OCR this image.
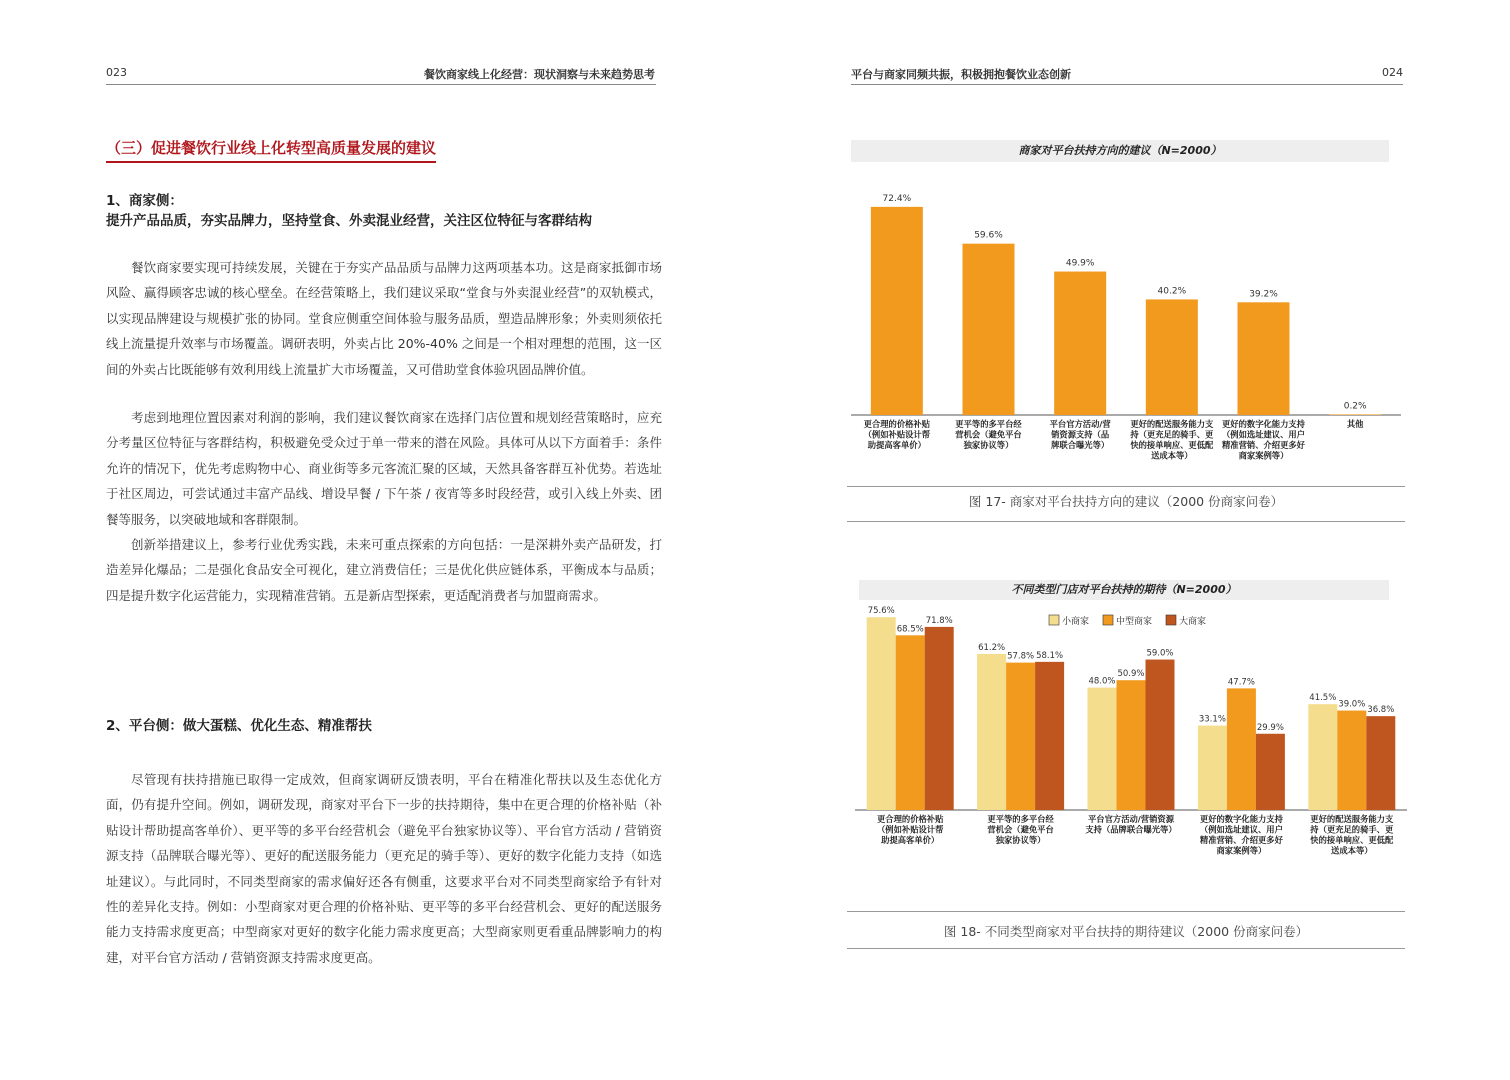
023	餐饮商家线上化经营：现状洞察与未来趋势思考
（三）促进餐饮行业线上化转型高质量发展的建议
1、商家侧：
提升产品品质，夯实品牌力，坚持堂食、外卖混业经营，关注区位特征与客群结构

餐饮商家要实现可持续发展，关键在于夯实产品品质与品牌力这两项基本功。这是商家抵御市场风险、赢得顾客忠诚的核心壁垒。在经营策略上，我们建议采取“堂食与外卖混业经营”的双轨模式，以实现品牌建设与规模扩张的协同。堂食应侧重空间体验与服务品质，塑造品牌形象；外卖则须依托线上流量提升效率与市场覆盖。调研表明，外卖占比 20%-40% 之间是一个相对理想的范围，这一区间的外卖占比既能够有效利用线上流量扩大市场覆盖，又可借助堂食体验巩固品牌价值。

考虑到地理位置因素对利润的影响，我们建议餐饮商家在选择门店位置和规划经营策略时，应充分考量区位特征与客群结构，积极避免受众过于单一带来的潜在风险。具体可从以下方面着手：条件允许的情况下，优先考虑购物中心、商业街等多元客流汇聚的区域，天然具备客群互补优势。若选址于社区周边，可尝试通过丰富产品线、增设早餐 / 下午茶 / 夜宵等多时段经营，或引入线上外卖、团餐等服务，以突破地域和客群限制。

创新举措建议上，参考行业优秀实践，未来可重点探索的方向包括：一是深耕外卖产品研发，打造差异化爆品；二是强化食品安全可视化，建立消费信任；三是优化供应链体系，平衡成本与品质；四是提升数字化运营能力，实现精准营销。五是新店型探索，更适配消费者与加盟商需求。

2、平台侧：做大蛋糕、优化生态、精准帮扶

尽管现有扶持措施已取得一定成效，但商家调研反馈表明，平台在精准化帮扶以及生态优化方面，仍有提升空间。例如，调研发现，商家对平台下一步的扶持期待，集中在更合理的价格补贴（补贴设计帮助提高客单价）、更平等的多平台经营机会（避免平台独家协议等）、平台官方活动 / 营销资源支持（品牌联合曝光等）、更好的配送服务能力（更充足的骑手等）、更好的数字化能力支持（如选址建议）。与此同时，不同类型商家的需求偏好还各有侧重，这要求平台对不同类型商家给予有针对性的差异化支持。例如：小型商家对更合理的价格补贴、更平等的多平台经营机会、更好的配送服务能力支持需求度更高；中型商家对更好的数字化能力需求度更高；大型商家则更看重品牌影响力的构建，对平台官方活动 / 营销资源支持需求度更高。

平台与商家同频共振，积极拥抱餐饮业态创新	024
商家对平台扶持方向的建议（N=2000）
72.4%
更合理的价格补贴
（例如补贴设计帮
助提高客单价）
59.6%
更平等的多平台经
营机会（避免平台
独家协议等）
49.9%
平台官方活动/营
销资源支持（品
牌联合曝光等）
40.2%
更好的配送服务能力支
持（更充足的骑手、更
快的接单响应、更低配
送成本等）
39.2%
更好的数字化能力支持
（例如选址建议、用户
精准营销、介绍更多好
商家案例等）
0.2%
其他
图 17- 商家对平台扶持方向的建议（2000 份商家问卷）
不同类型门店对平台扶持的期待（N=2000）
小商家	中型商家	大商家
75.6%
68.5%
71.8%
更合理的价格补贴
（例如补贴设计帮
助提高客单价）
61.2%
57.8% 58.1%
更平等的多平台经
营机会（避免平台
独家协议等）
48.0%
50.9%
59.0%
平台官方活动/营销资源
支持（品牌联合曝光等）
33.1%
47.7%
29.9%
更好的数字化能力支持
（例如选址建议、用户
精准营销、介绍更多好
商家案例等）
41.5%
39.0%
36.8%
更好的配送服务能力支
持（更充足的骑手、更
快的接单响应、更低配
送成本等）
图 18- 不同类型商家对平台扶持的期待建议（2000 份商家问卷）
